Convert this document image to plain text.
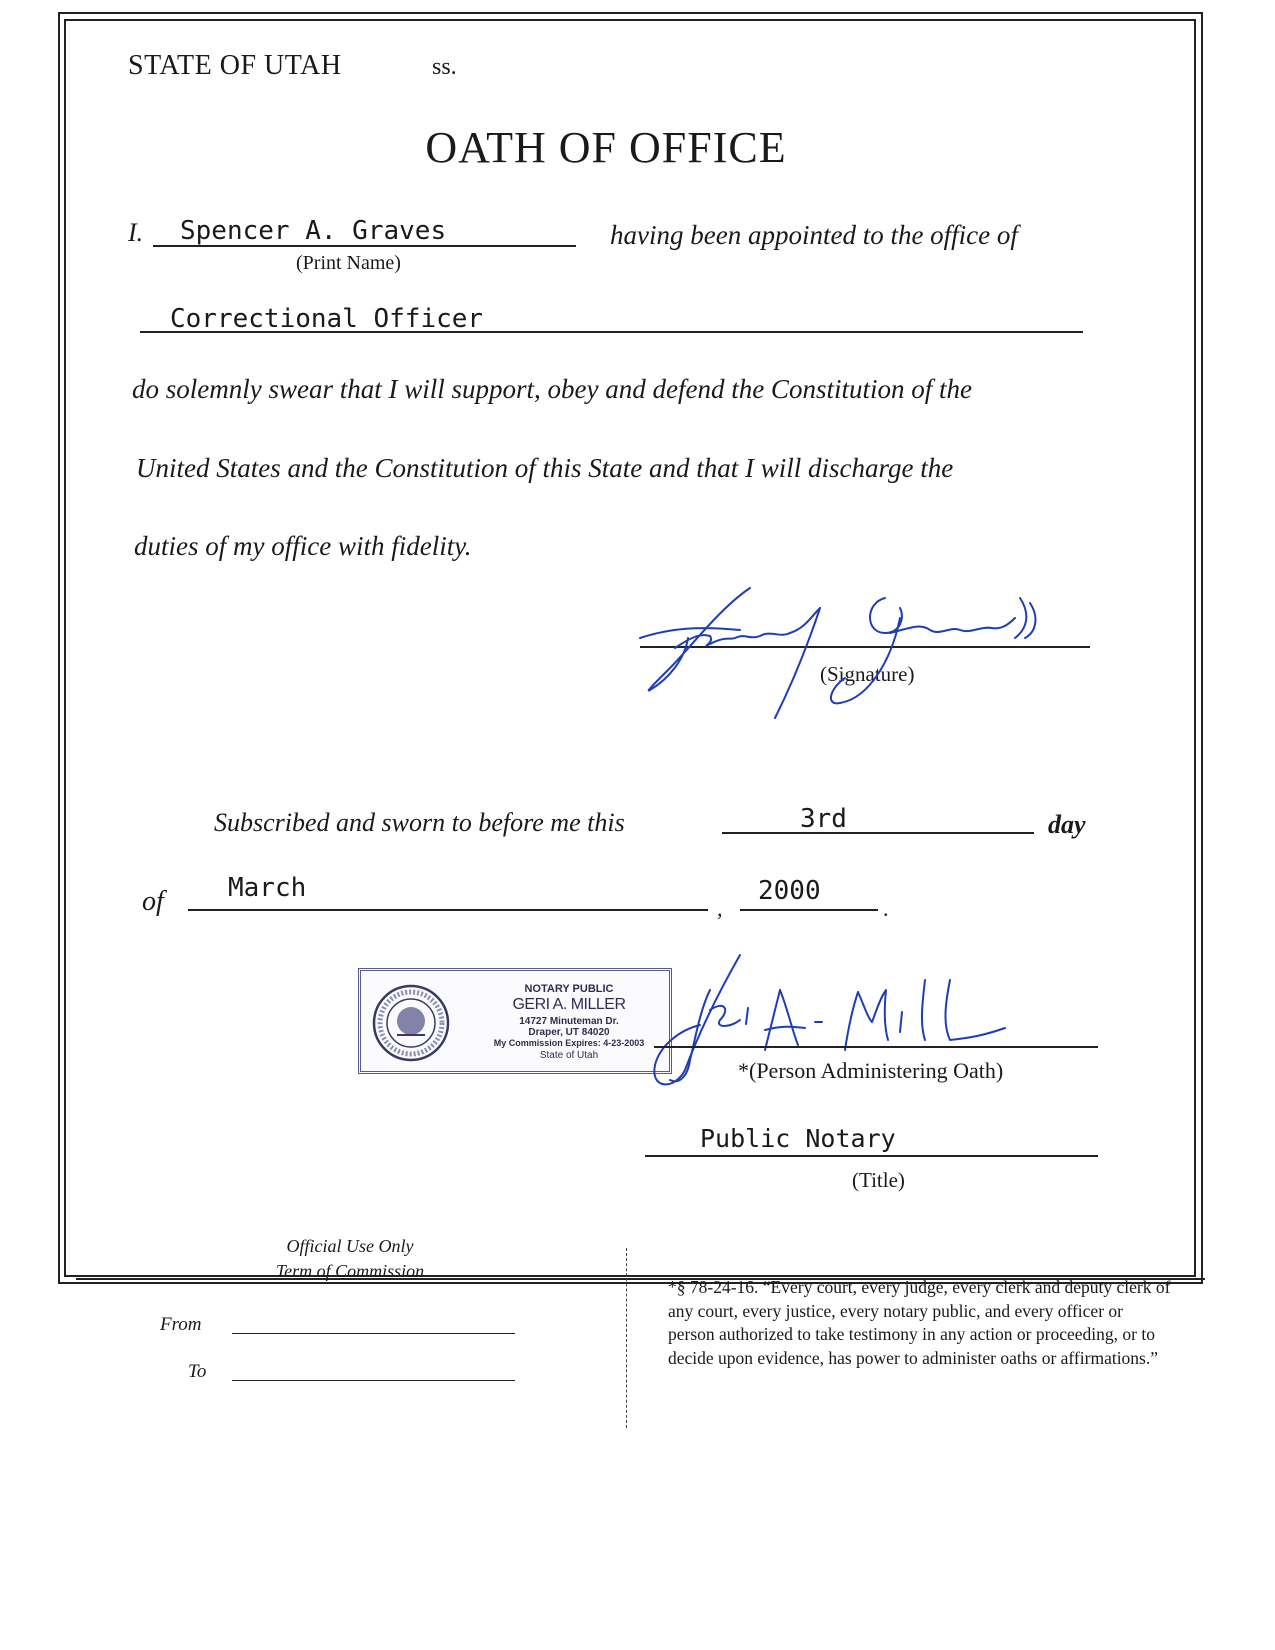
STATE OF UTAH	ss.
OATH OF OFFICE
I. Spencer A. Graves
(Print Name)
having been appointed to the office of
Correctional Officer
do solemnly swear that I will support, obey and defend the Constitution of the
United States and the Constitution of this State and that I will discharge the
duties of my office with fidelity.
(Signature)
Subscribed and sworn to before me this	3rd	day
of March
,
2000
.
NOTARY PUBLIC
GERI A. MILLER
14727 Minuteman Dr.
Draper, UT 84020
My Commission Expires: 4-23-2003
State of Utah
*(Person Administering Oath)
Public Notary
(Title)
Official Use Only
Term of Commission
From
To
*§ 78-24-16. “Every court, every judge, every clerk and deputy clerk of any court, every justice, every notary public, and every officer or person authorized to take testimony in any action or proceeding, or to decide upon evidence, has power to administer oaths or affirmations.”
